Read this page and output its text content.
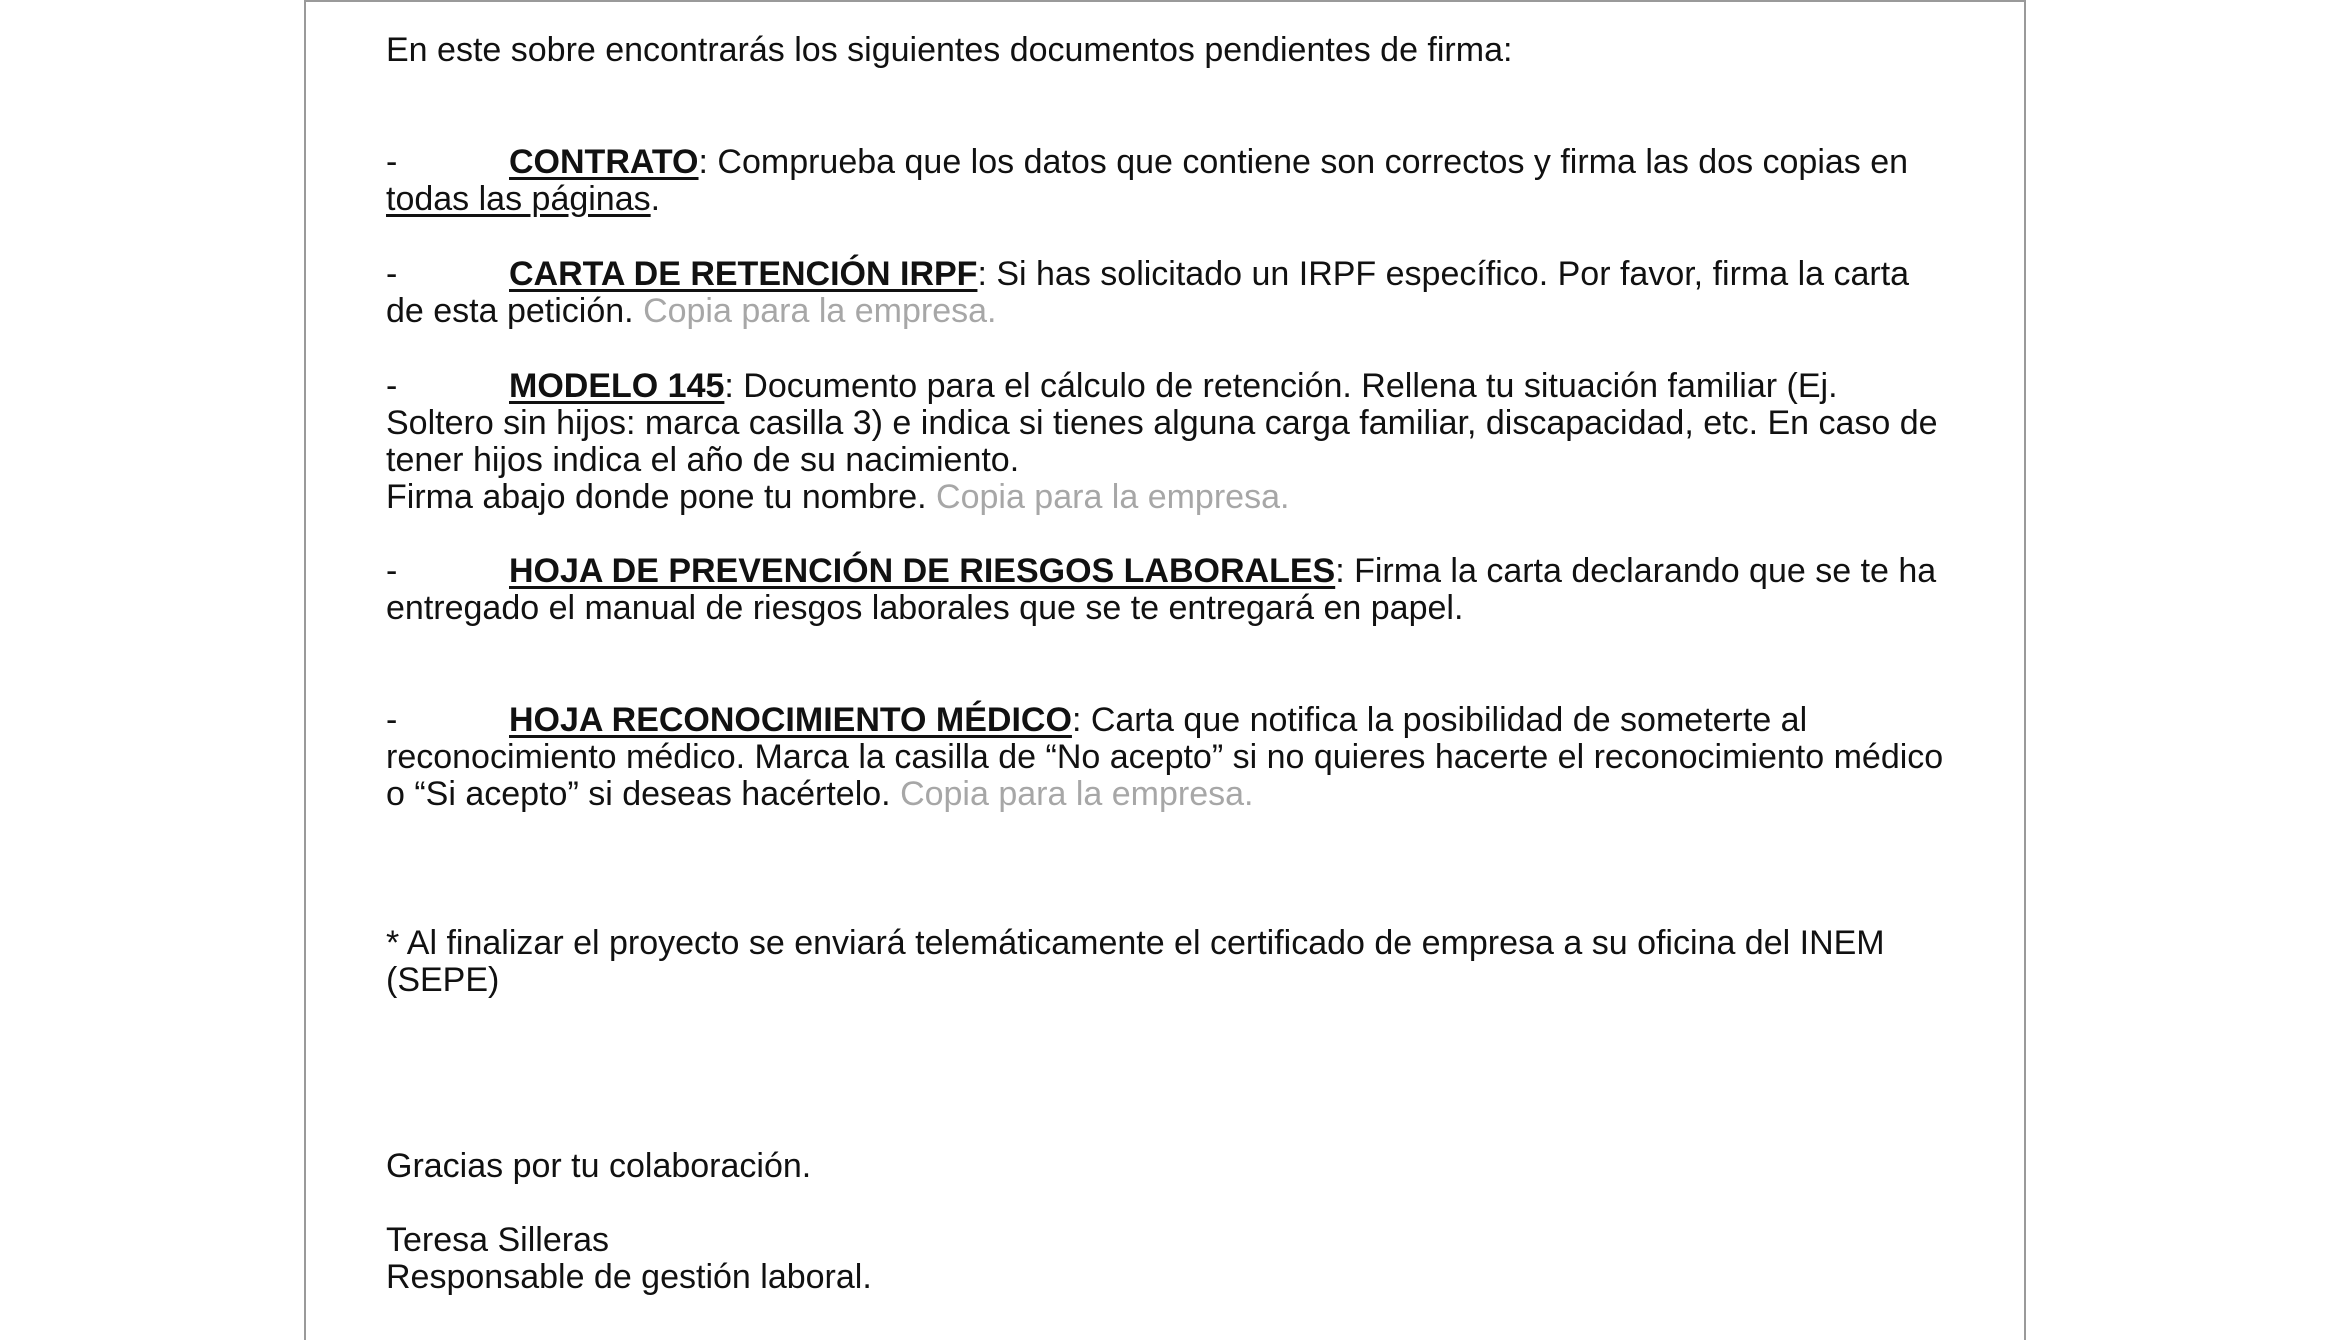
En este sobre encontrarás los siguientes documentos pendientes de firma:

-	CONTRATO: Comprueba que los datos que contiene son correctos y firma las dos copias en todas las páginas.

-	CARTA DE RETENCIÓN IRPF: Si has solicitado un IRPF específico. Por favor, firma la carta de esta petición. Copia para la empresa.

-	MODELO 145: Documento para el cálculo de retención. Rellena tu situación familiar (Ej. Soltero sin hijos: marca casilla 3) e indica si tienes alguna carga familiar, discapacidad, etc. En caso de tener hijos indica el año de su nacimiento.
Firma abajo donde pone tu nombre. Copia para la empresa.

-	HOJA DE PREVENCIÓN DE RIESGOS LABORALES: Firma la carta declarando que se te ha entregado el manual de riesgos laborales que se te entregará en papel.

-	HOJA RECONOCIMIENTO MÉDICO: Carta que notifica la posibilidad de someterte al reconocimiento médico. Marca la casilla de “No acepto” si no quieres hacerte el reconocimiento médico o “Si acepto” si deseas hacértelo. Copia para la empresa.

* Al finalizar el proyecto se enviará telemáticamente el certificado de empresa a su oficina del INEM (SEPE)

Gracias por tu colaboración.

Teresa Silleras
Responsable de gestión laboral.
